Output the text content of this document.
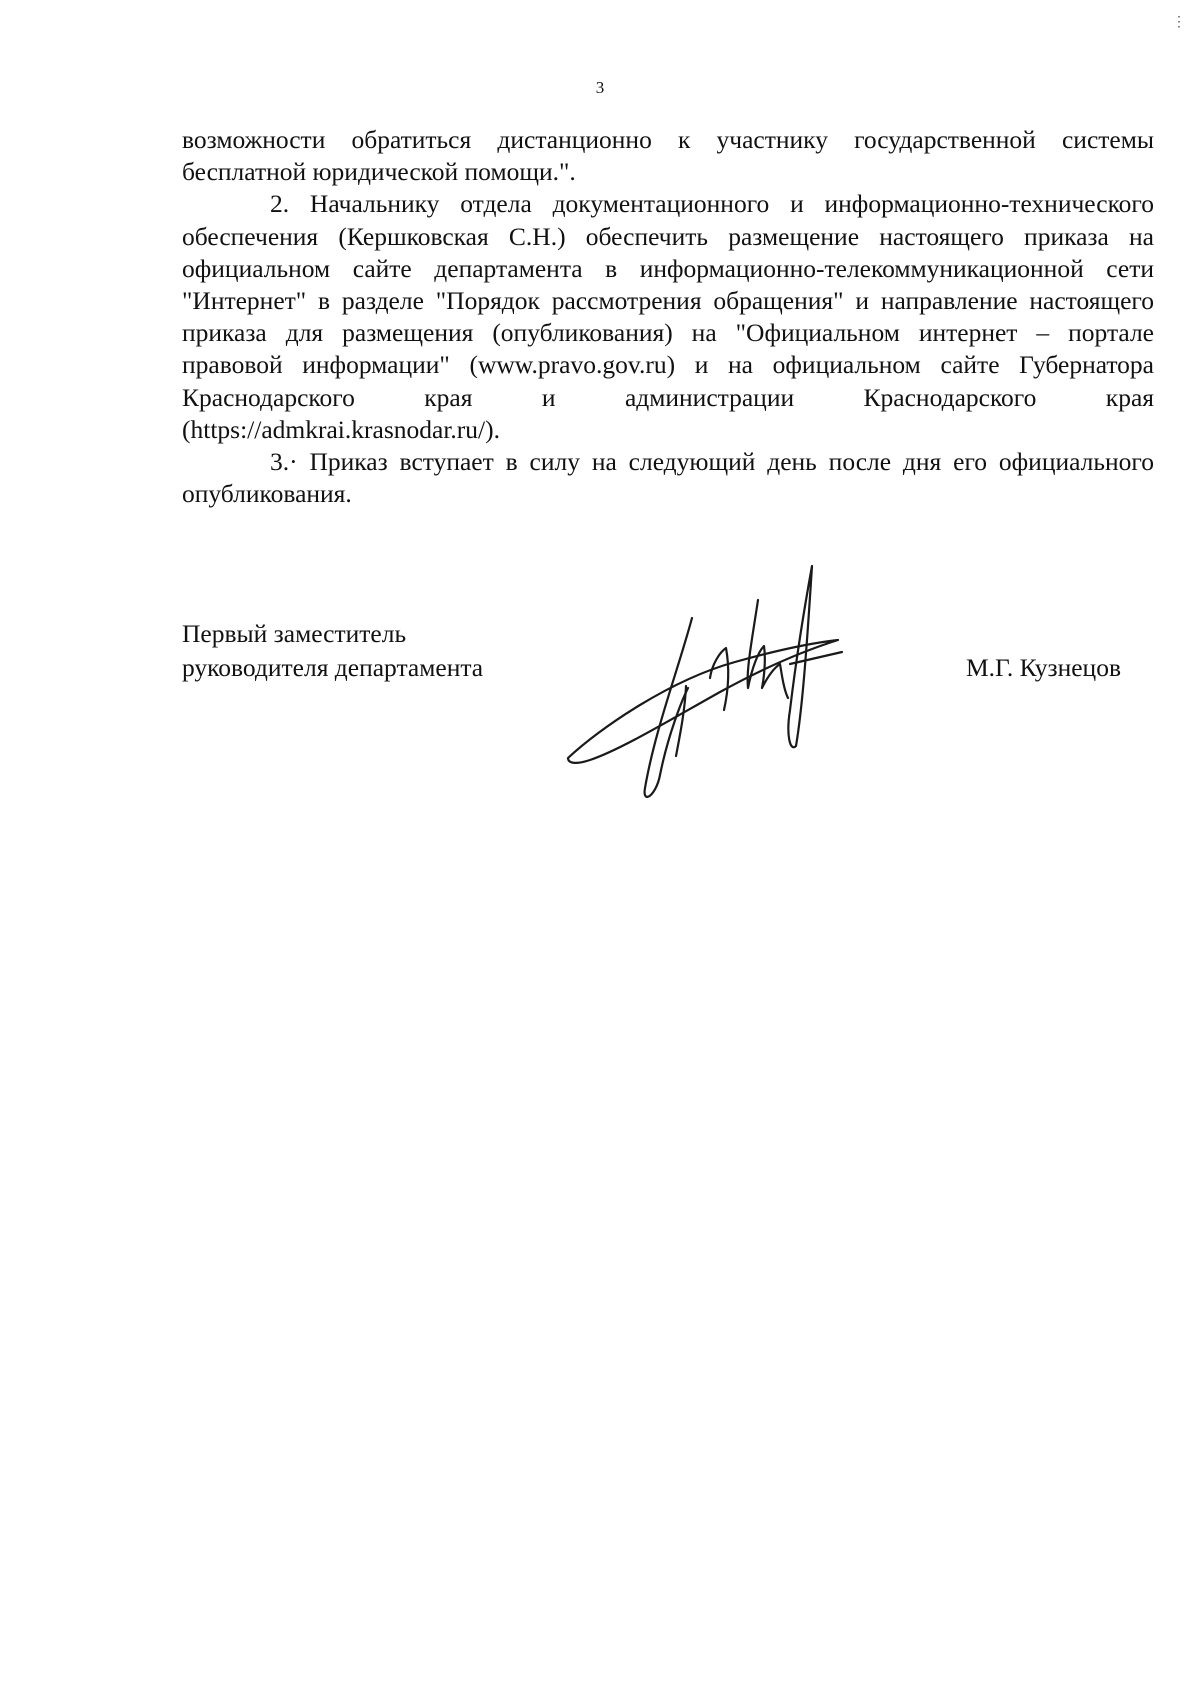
⋮
3

возможности обратиться дистанционно к участнику государственной системы бесплатной юридической помощи.".

2. Начальнику отдела документационного и информационно-технического обеспечения (Кершковская С.Н.) обеспечить размещение настоящего приказа на официальном сайте департамента в информационно-телекоммуникационной сети "Интернет" в разделе "Порядок рассмотрения обращения" и направление настоящего приказа для размещения (опубликования) на "Официальном интернет – портале правовой информации" (www.pravo.gov.ru) и на официальном сайте Губернатора Краснодарского края и администрации Краснодарского края (https://admkrai.krasnodar.ru/).

3.· Приказ вступает в силу на следующий день после дня его официального опубликования.

Первый заместитель
руководителя департамента	М.Г. Кузнецов
